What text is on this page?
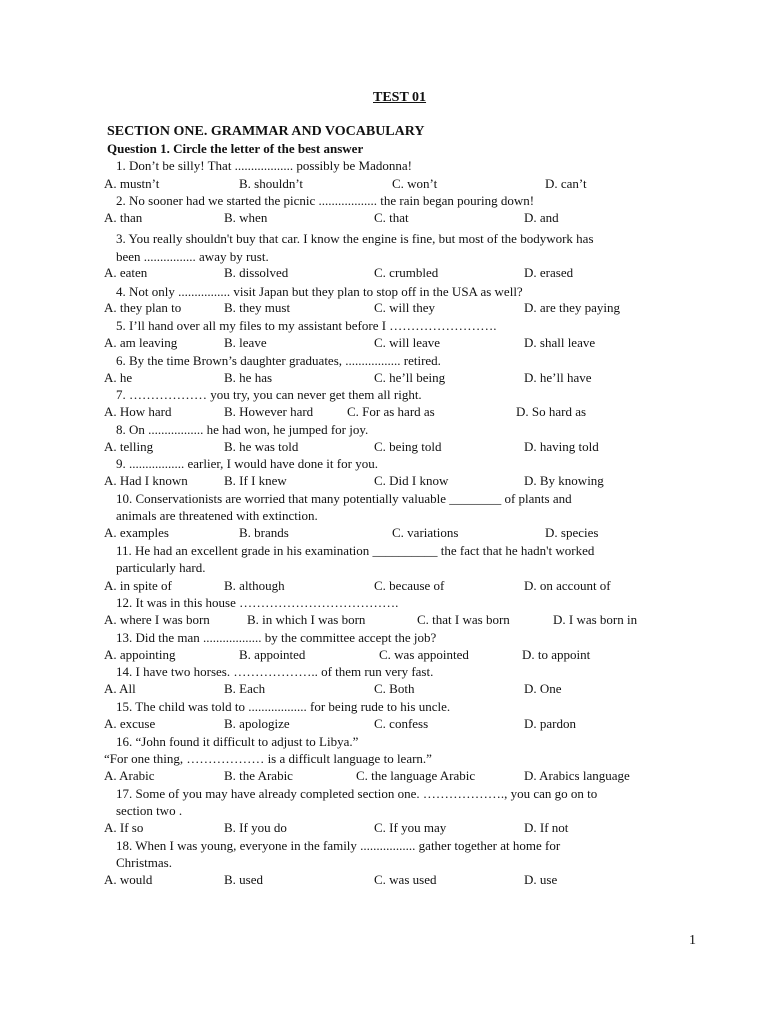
TEST 01
SECTION ONE. GRAMMAR AND VOCABULARY
Question 1. Circle the letter of the best answer
1. Don’t be silly! That .................. possibly be Madonna!
A. mustn’t	B. shouldn’t	C. won’t	D. can’t
2. No sooner had we started the picnic .................. the rain began pouring down!
A. than	B. when	C. that	D. and
3. You really shouldn't buy that car. I know the engine is fine, but most of the bodywork has
been ................ away by rust.
A. eaten	B. dissolved	C. crumbled	D. erased
4. Not only ................ visit Japan but they plan to stop off in the USA as well?
A. they plan to	B. they must	C. will they	D. are they paying
5. I’ll hand over all my files to my assistant before I …………………….
A. am leaving	B. leave	C. will leave	D. shall leave
6. By the time Brown’s daughter graduates, ................. retired.
A. he	B. he has	C. he’ll being	D. he’ll have
7. ……………… you try, you can never get them all right.
A. How hard	B. However hard	C. For as hard as	D. So hard as
8. On ................. he had won, he jumped for joy.
A. telling	B. he was told	C. being told	D. having told
9. ................. earlier, I would have done it for you.
A. Had I known	B. If I knew	C. Did I know	D. By knowing
10. Conservationists are worried that many potentially valuable ________ of plants and
animals are threatened with extinction.
A. examples	B. brands	C. variations	D. species
11. He had an excellent grade in his examination __________ the fact that he hadn't worked
particularly hard.
A. in spite of	B. although	C. because of	D. on account of
12. It was in this house ……………………………….
A. where I was born	B. in which I was born	C. that I was born	D. I was born in
13. Did the man .................. by the committee accept the job?
A. appointing	B. appointed	C. was appointed	D. to appoint
14. I have two horses. ……………….. of them run very fast.
A. All	B. Each	C. Both	D. One
15. The child was told to .................. for being rude to his uncle.
A. excuse	B. apologize	C. confess	D. pardon
16. “John found it difficult to adjust to Libya.”
“For one thing, ……………… is a difficult language to learn.”
A. Arabic	B. the Arabic	C. the language Arabic	D. Arabics language
17. Some of you may have already completed section one. ………………., you can go on to
section two .
A. If so	B. If you do	C. If you may	D. If not
18. When I was young, everyone in the family ................. gather together at home for
Christmas.
A. would	B. used	C. was used	D. use
1
